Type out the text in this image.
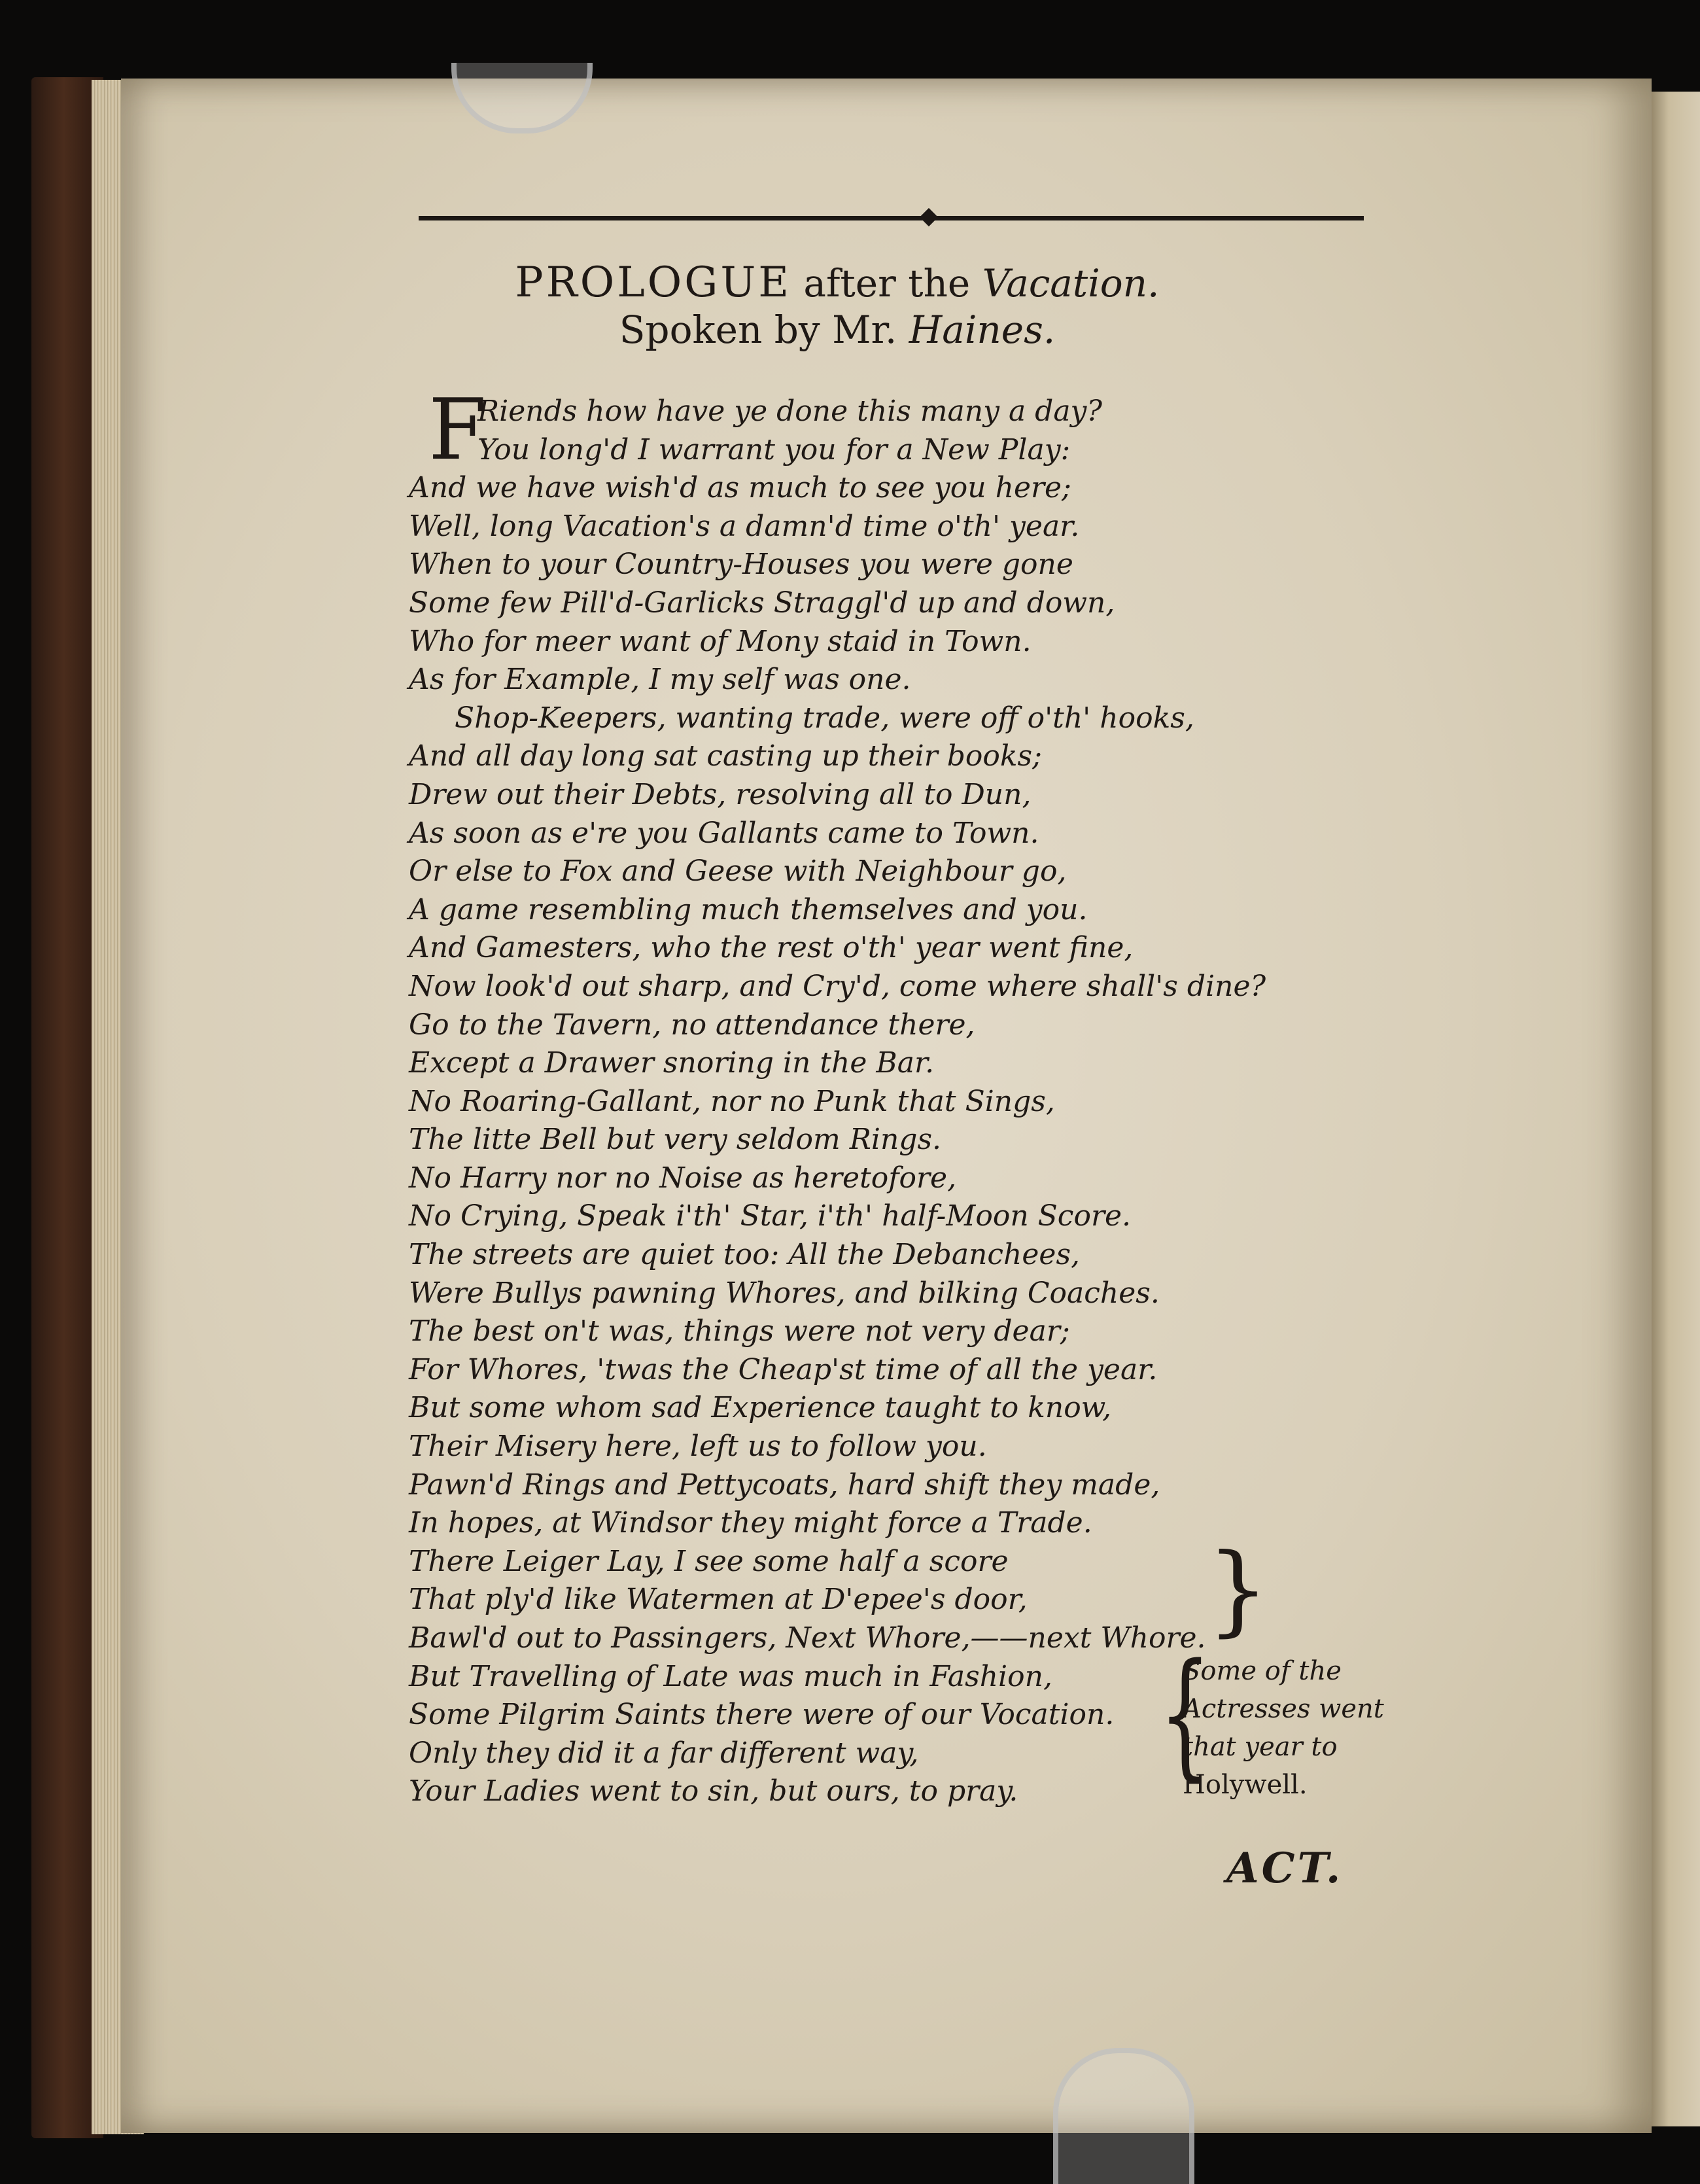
PROLOGUE after the Vacation.
Spoken by Mr. Haines.
F
Riends how have ye done this many a day?
You long'd I warrant you for a New Play:
And we have wish'd as much to see you here;
Well, long Vacation's a damn'd time o'th' year.
When to your Country-Houses you were gone
Some few Pill'd-Garlicks Straggl'd up and down,
Who for meer want of Mony staid in Town.
As for Example, I my self was one.
Shop-Keepers, wanting trade, were off o'th' hooks,
And all day long sat casting up their books;
Drew out their Debts, resolving all to Dun,
As soon as e're you Gallants came to Town.
Or else to Fox and Geese with Neighbour go,
A game resembling much themselves and you.
And Gamesters, who the rest o'th' year went fine,
Now look'd out sharp, and Cry'd, come where shall's dine?
Go to the Tavern, no attendance there,
Except a Drawer snoring in the Bar.
No Roaring-Gallant, nor no Punk that Sings,
The litte Bell but very seldom Rings.
No Harry nor no Noise as heretofore,
No Crying, Speak i'th' Star, i'th' half-Moon Score.
The streets are quiet too: All the Debanchees,
Were Bullys pawning Whores, and bilking Coaches.
The best on't was, things were not very dear;
For Whores, 'twas the Cheap'st time of all the year.
But some whom sad Experience taught to know,
Their Misery here, left us to follow you.
Pawn'd Rings and Pettycoats, hard shift they made,
In hopes, at Windsor they might force a Trade.
There Leiger Lay, I see some half a score
That ply'd like Watermen at D'epee's door,
Bawl'd out to Passingers, Next Whore,——next Whore.
But Travelling of Late was much in Fashion,
Some Pilgrim Saints there were of our Vocation.
Only they did it a far different way,
Your Ladies went to sin, but ours, to pray.
}
{
Some of the
Actresses went
that year to
Holywell.
ACT.
